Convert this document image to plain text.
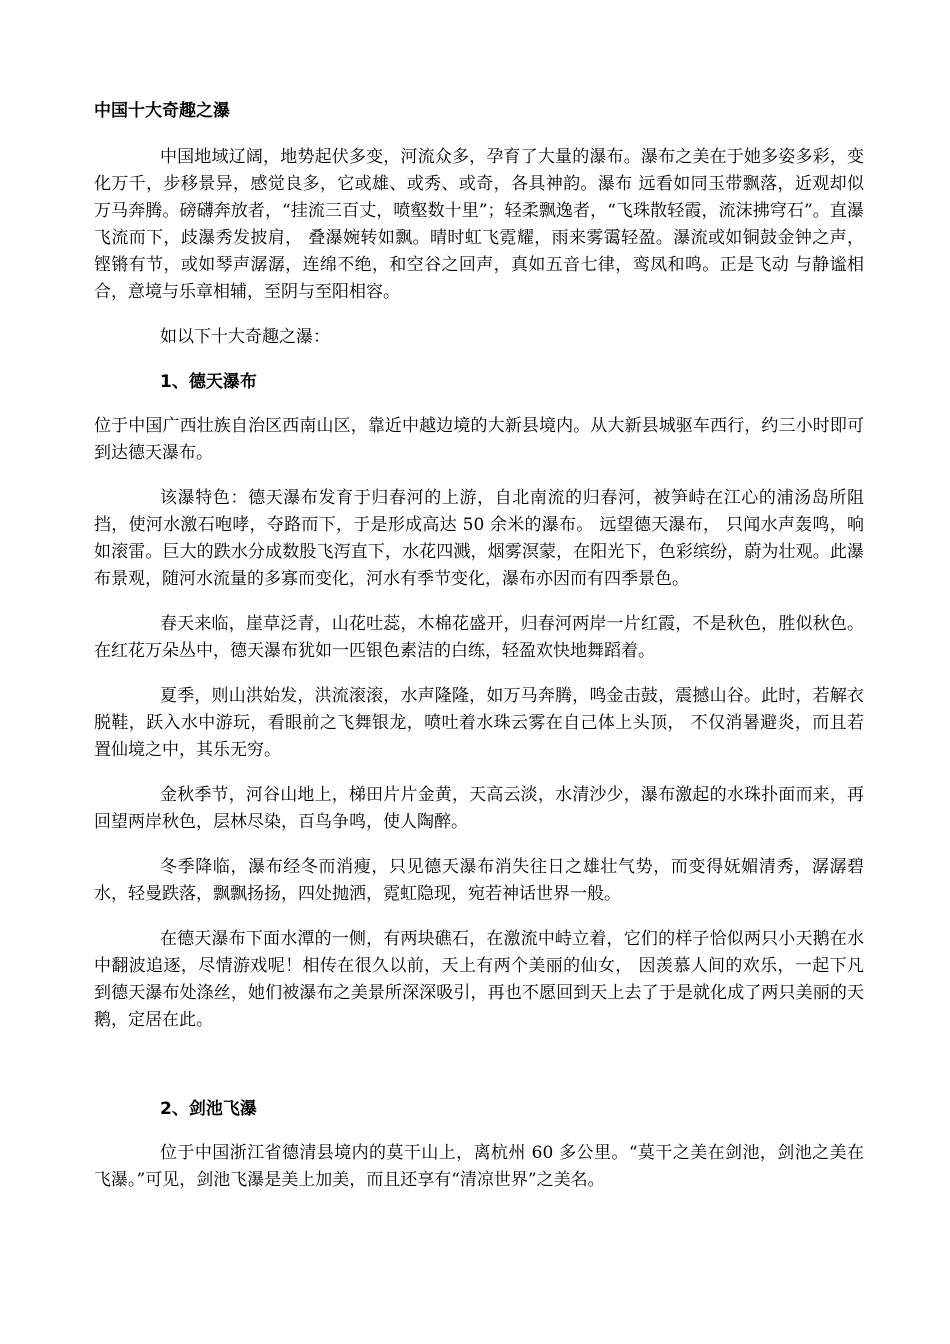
中国十大奇趣之瀑

中国地域辽阔，地势起伏多变，河流众多，孕育了大量的瀑布。瀑布之美在于她多姿多彩，变化万千，步移景异，感觉良多，它或雄、或秀、或奇，各具神韵。瀑布 远看如同玉带飘落，近观却似万马奔腾。磅礴奔放者，“挂流三百丈，喷壑数十里”；轻柔飘逸者，“飞珠散轻霞，流沫拂穹石”。直瀑飞流而下，歧瀑秀发披肩， 叠瀑婉转如飘。晴时虹飞霓耀，雨来雾霭轻盈。瀑流或如铜鼓金钟之声，铿锵有节，或如琴声潺潺，连绵不绝，和空谷之回声，真如五音七律，鸾凤和鸣。正是飞动 与静谧相合，意境与乐章相辅，至阴与至阳相容。

如以下十大奇趣之瀑：

1、德天瀑布

位于中国广西壮族自治区西南山区，靠近中越边境的大新县境内。从大新县城驱车西行，约三小时即可到达德天瀑布。

该瀑特色：德天瀑布发育于归春河的上游，自北南流的归春河，被笋峙在江心的浦汤岛所阻挡，使河水激石咆哮，夺路而下，于是形成高达 50 余米的瀑布。 远望德天瀑布， 只闻水声轰鸣，响如滚雷。巨大的跌水分成数股飞泻直下，水花四溅，烟雾溟蒙，在阳光下，色彩缤纷，蔚为壮观。此瀑布景观，随河水流量的多寡而变化，河水有季节变化，瀑布亦因而有四季景色。

春天来临，崖草泛青，山花吐蕊，木棉花盛开，归春河两岸一片红霞，不是秋色，胜似秋色。在红花万朵丛中，德天瀑布犹如一匹银色素洁的白练，轻盈欢快地舞蹈着。

夏季，则山洪始发，洪流滚滚，水声隆隆，如万马奔腾，鸣金击鼓，震撼山谷。此时，若解衣脱鞋，跃入水中游玩，看眼前之飞舞银龙，喷吐着水珠云雾在自己体上头顶， 不仅消暑避炎，而且若置仙境之中，其乐无穷。

金秋季节，河谷山地上，梯田片片金黄，天高云淡，水清沙少，瀑布激起的水珠扑面而来，再回望两岸秋色，层林尽染，百鸟争鸣，使人陶醉。

冬季降临，瀑布经冬而消瘦，只见德天瀑布消失往日之雄壮气势，而变得妩媚清秀，潺潺碧水，轻曼跌落，飘飘扬扬，四处抛洒，霓虹隐现，宛若神话世界一般。

在德天瀑布下面水潭的一侧，有两块礁石，在激流中峙立着，它们的样子恰似两只小天鹅在水中翻波追逐，尽情游戏呢！相传在很久以前，天上有两个美丽的仙女， 因羡慕人间的欢乐，一起下凡到德天瀑布处涤丝，她们被瀑布之美景所深深吸引，再也不愿回到天上去了于是就化成了两只美丽的天鹅，定居在此。

2、剑池飞瀑

位于中国浙江省德清县境内的莫干山上，离杭州 60 多公里。“莫干之美在剑池，剑池之美在飞瀑。”可见，剑池飞瀑是美上加美，而且还享有“清凉世界”之美名。
